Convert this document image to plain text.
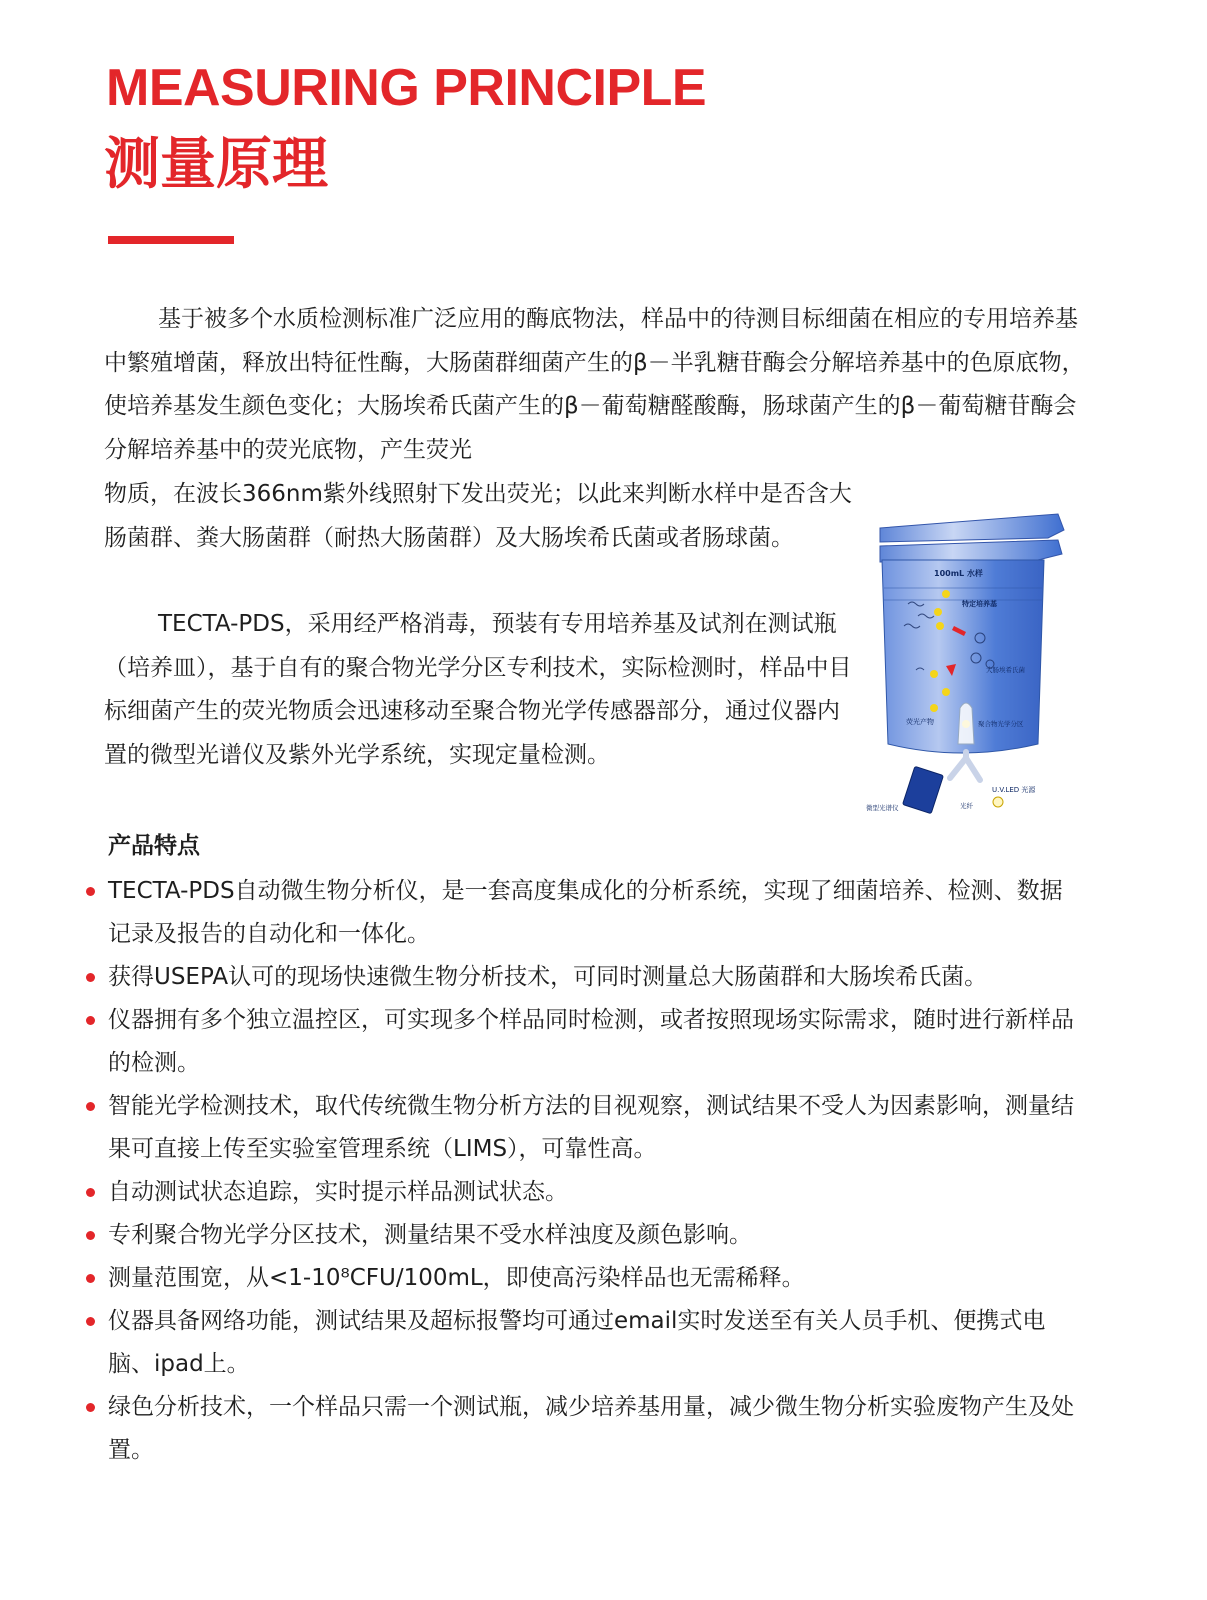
MEASURING PRINCIPLE
测量原理

基于被多个水质检测标准广泛应用的酶底物法，样品中的待测目标细菌在相应的专用培养基中繁殖增菌，释放出特征性酶，大肠菌群细菌产生的β－半乳糖苷酶会分解培养基中的色原底物，使培养基发生颜色变化；大肠埃希氏菌产生的β－葡萄糖醛酸酶，肠球菌产生的β－葡萄糖苷酶会分解培养基中的荧光底物，产生荧光

物质，在波长366nm紫外线照射下发出荧光；以此来判断水样中是否含大肠菌群、粪大肠菌群（耐热大肠菌群）及大肠埃希氏菌或者肠球菌。

TECTA-PDS，采用经严格消毒，预装有专用培养基及试剂在测试瓶（培养皿），基于自有的聚合物光学分区专利技术，实际检测时，样品中目标细菌产生的荧光物质会迅速移动至聚合物光学传感器部分，通过仪器内置的微型光谱仪及紫外光学系统，实现定量检测。

100mL 水样
特定培养基
大肠埃希氏菌
荧光产物	聚合物光学分区
U.V.LED 光源
微型光谱仪	光纤
产品特点
TECTA-PDS自动微生物分析仪，是一套高度集成化的分析系统，实现了细菌培养、检测、数据记录及报告的自动化和一体化。
获得USEPA认可的现场快速微生物分析技术，可同时测量总大肠菌群和大肠埃希氏菌。
仪器拥有多个独立温控区，可实现多个样品同时检测，或者按照现场实际需求，随时进行新样品的检测。
智能光学检测技术，取代传统微生物分析方法的目视观察，测试结果不受人为因素影响，测量结果可直接上传至实验室管理系统（LIMS），可靠性高。
自动测试状态追踪，实时提示样品测试状态。
专利聚合物光学分区技术，测量结果不受水样浊度及颜色影响。
测量范围宽，从<1-10⁸CFU/100mL，即使高污染样品也无需稀释。
仪器具备网络功能，测试结果及超标报警均可通过email实时发送至有关人员手机、便携式电脑、ipad上。
绿色分析技术，一个样品只需一个测试瓶，减少培养基用量，减少微生物分析实验废物产生及处置。
